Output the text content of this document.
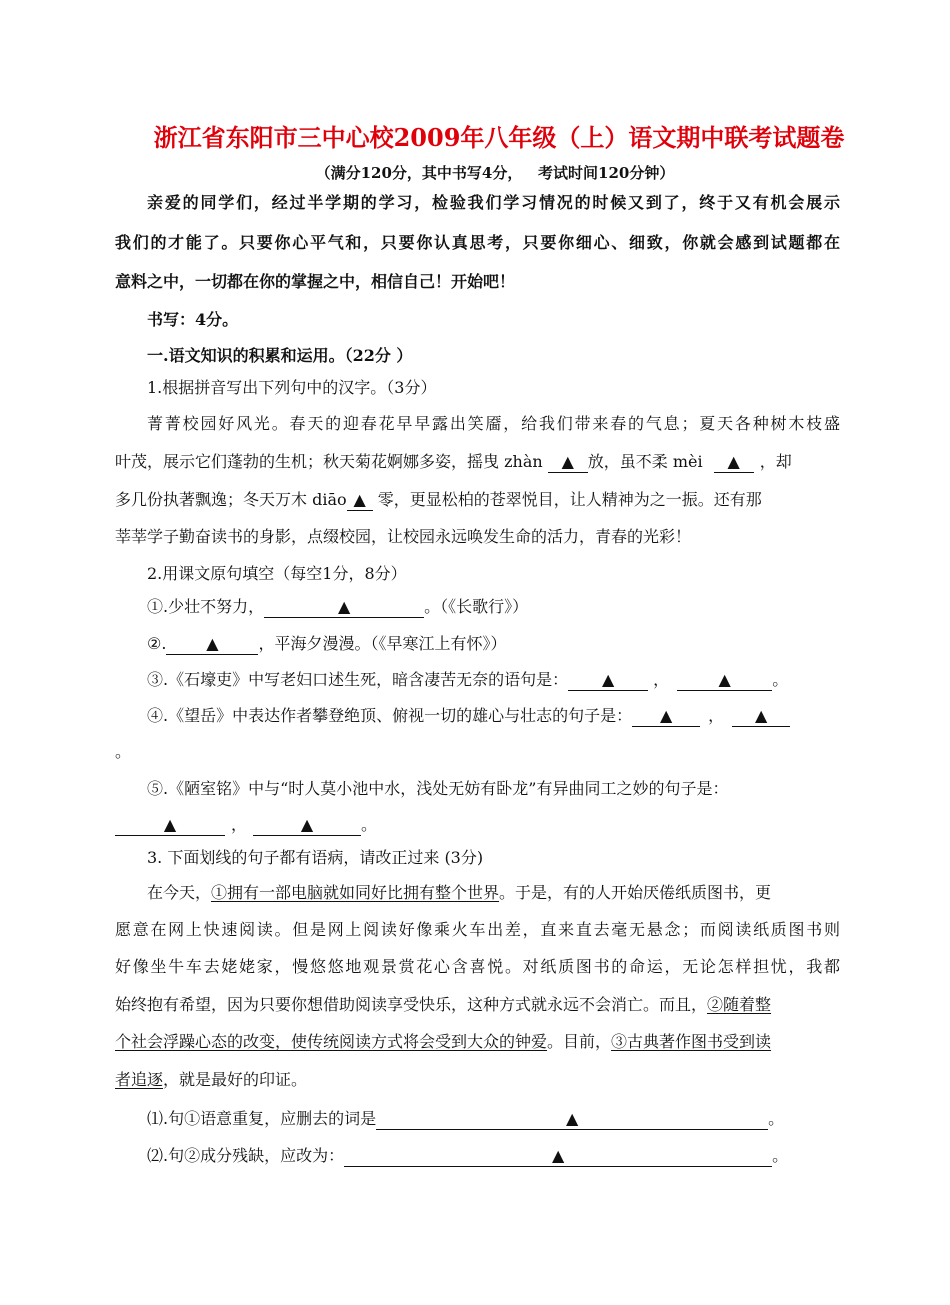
浙江省东阳市三中心校2009年八年级（上）语文期中联考试题卷
（满分120分，其中书写4分，   考试时间120分钟）
亲爱的同学们，经过半学期的学习，检验我们学习情况的时候又到了，终于又有机会展示
我们的才能了。只要你心平气和，只要你认真思考，只要你细心、细致，你就会感到试题都在
意料之中，一切都在你的掌握之中，相信自己！开始吧！
书写：4分。
一.语文知识的积累和运用。（22分 ）
1.根据拼音写出下列句中的汉字。（3分）
菁菁校园好风光。春天的迎春花早早露出笑靥，给我们带来春的气息；夏天各种树木枝盛
叶茂，展示它们蓬勃的生机；秋天菊花婀娜多姿，摇曳 zhàn ▲ 放，虽不柔 mèi ▲ ，却
多几份执著飘逸；冬天万木 diāo ▲ 零，更显松柏的苍翠悦目，让人精神为之一振。还有那
莘莘学子勤奋读书的身影，点缀校园，让校园永远唤发生命的活力，青春的光彩！
2.用课文原句填空（每空1分，8分）
①.少壮不努力，	▲	。（《长歌行》）
②. ▲ ，平海夕漫漫。（《早寒江上有怀》）
③.《石壕吏》中写老妇口述生死，暗含凄苦无奈的语句是： ▲ ，	▲	。
④.《望岳》中表达作者攀登绝顶、俯视一切的雄心与壮志的句子是： ▲ ， ▲
。
⑤.《陋室铭》中与“时人莫小池中水，浅处无妨有卧龙”有异曲同工之妙的句子是：
▲	，	▲	。
3. 下面划线的句子都有语病，请改正过来 (3分)
在今天，①拥有一部电脑就如同好比拥有整个世界。于是，有的人开始厌倦纸质图书，更
愿意在网上快速阅读。但是网上阅读好像乘火车出差，直来直去毫无悬念；而阅读纸质图书则
好像坐牛车去姥姥家，慢悠悠地观景赏花心含喜悦。对纸质图书的命运，无论怎样担忧，我都
始终抱有希望，因为只要你想借助阅读享受快乐，这种方式就永远不会消亡。而且，②随着整
个社会浮躁心态的改变，使传统阅读方式将会受到大众的钟爱。目前，③古典著作图书受到读
者追逐，就是最好的印证。
⑴.句①语意重复，应删去的词是	▲	。
⑵.句②成分残缺，应改为：	▲	。
